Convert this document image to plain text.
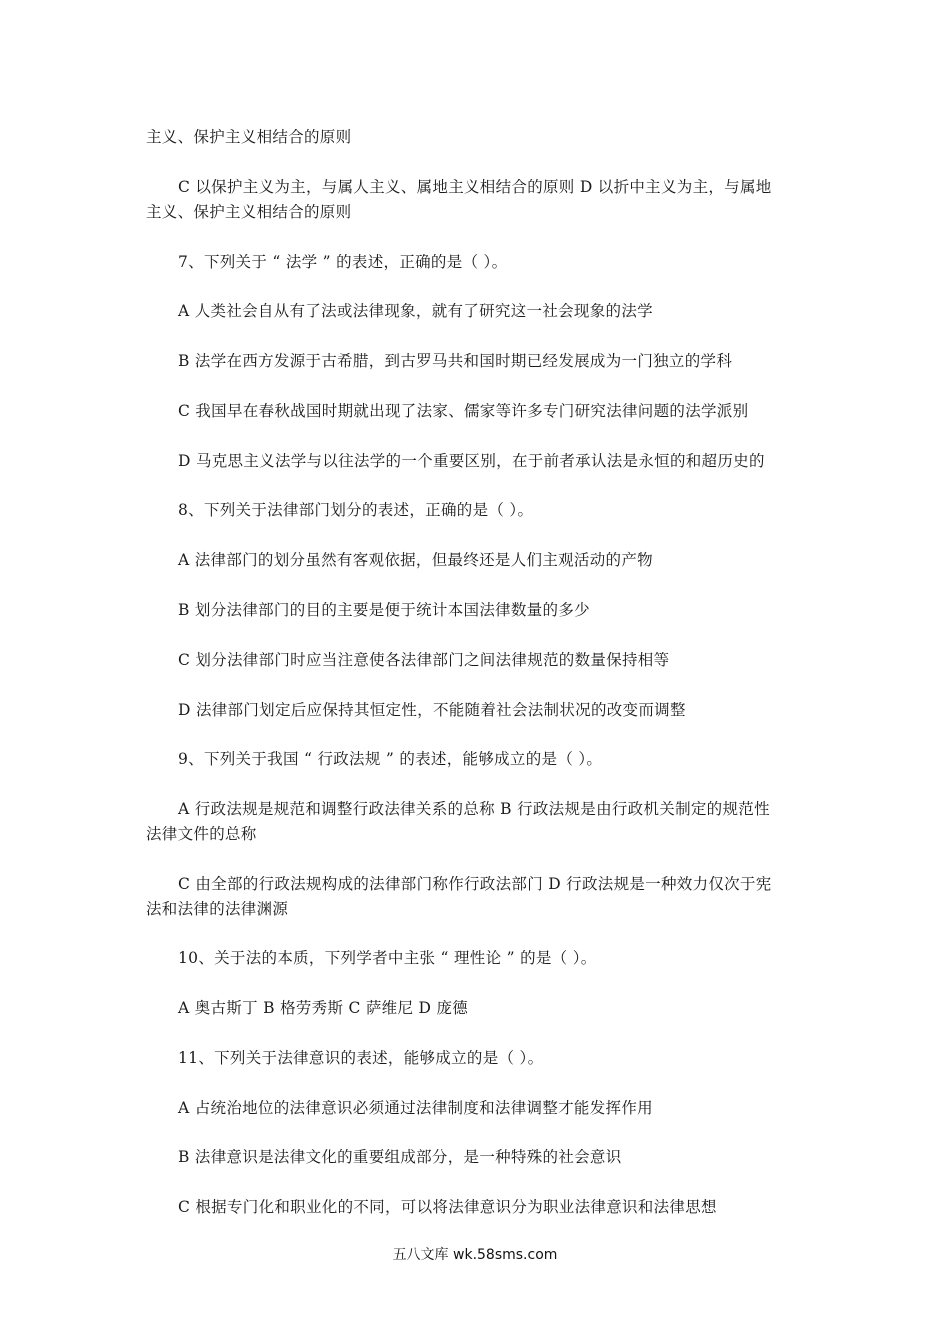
主义、保护主义相结合的原则
C 以保护主义为主，与属人主义、属地主义相结合的原则 D 以折中主义为主，与属地
主义、保护主义相结合的原则
7、下列关于 “ 法学 ” 的表述，正确的是（ ）。
A 人类社会自从有了法或法律现象，就有了研究这一社会现象的法学
B 法学在西方发源于古希腊，到古罗马共和国时期已经发展成为一门独立的学科
C 我国早在春秋战国时期就出现了法家、儒家等许多专门研究法律问题的法学派别
D 马克思主义法学与以往法学的一个重要区别，在于前者承认法是永恒的和超历史的
8、下列关于法律部门划分的表述，正确的是（ ）。
A 法律部门的划分虽然有客观依据，但最终还是人们主观活动的产物
B 划分法律部门的目的主要是便于统计本国法律数量的多少
C 划分法律部门时应当注意使各法律部门之间法律规范的数量保持相等
D 法律部门划定后应保持其恒定性，不能随着社会法制状况的改变而调整
9、下列关于我国 “ 行政法规 ” 的表述，能够成立的是（ ）。
A 行政法规是规范和调整行政法律关系的总称 B 行政法规是由行政机关制定的规范性
法律文件的总称
C 由全部的行政法规构成的法律部门称作行政法部门 D 行政法规是一种效力仅次于宪
法和法律的法律渊源
10、关于法的本质，下列学者中主张 “ 理性论 ” 的是（ ）。
A 奥古斯丁 B 格劳秀斯 C 萨维尼 D 庞德
11、下列关于法律意识的表述，能够成立的是（ ）。
A 占统治地位的法律意识必须通过法律制度和法律调整才能发挥作用
B 法律意识是法律文化的重要组成部分，是一种特殊的社会意识
C 根据专门化和职业化的不同，可以将法律意识分为职业法律意识和法律思想
五八文库 wk.58sms.com
